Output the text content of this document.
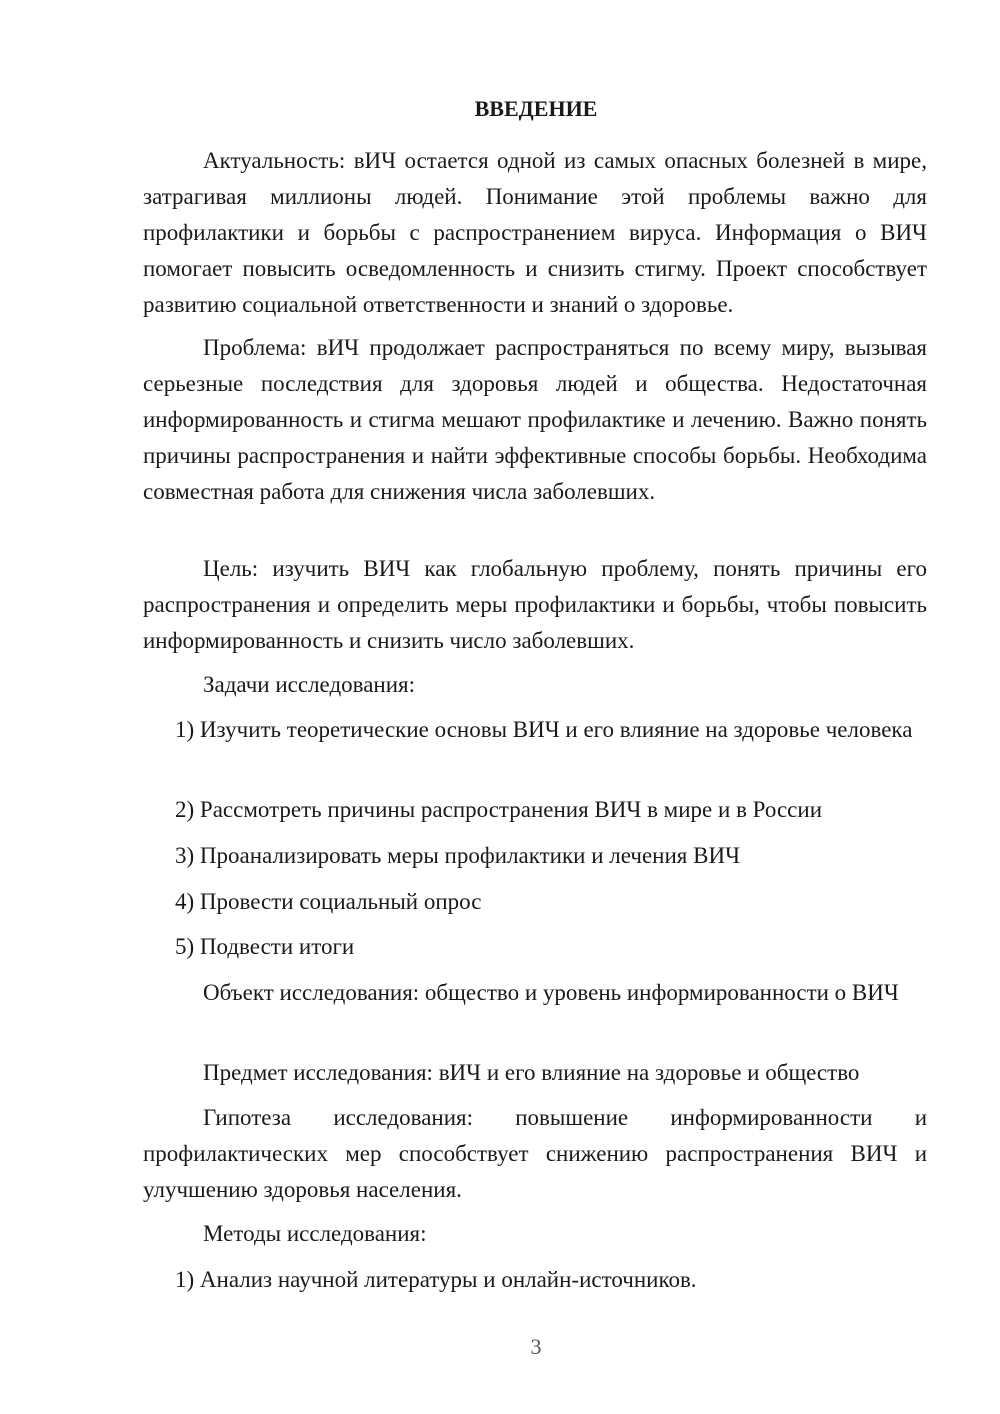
ВВЕДЕНИЕ

Актуальность: вИЧ остается одной из самых опасных болезней в мире, затрагивая миллионы людей. Понимание этой проблемы важно для профилактики и борьбы с распространением вируса. Информация о ВИЧ помогает повысить осведомленность и снизить стигму. Проект способствует развитию социальной ответственности и знаний о здоровье.

Проблема: вИЧ продолжает распространяться по всему миру, вызывая серьезные последствия для здоровья людей и общества. Недостаточная информированность и стигма мешают профилактике и лечению. Важно понять причины распространения и найти эффективные способы борьбы. Необходима совместная работа для снижения числа заболевших.

Цель: изучить ВИЧ как глобальную проблему, понять причины его распространения и определить меры профилактики и борьбы, чтобы повысить информированность и снизить число заболевших.

Задачи исследования:

1) Изучить теоретические основы ВИЧ и его влияние на здоровье человека

2) Рассмотреть причины распространения ВИЧ в мире и в России

3) Проанализировать меры профилактики и лечения ВИЧ

4) Провести социальный опрос

5) Подвести итоги

Объект исследования: общество и уровень информированности о ВИЧ

Предмет исследования: вИЧ и его влияние на здоровье и общество

Гипотеза исследования: повышение информированности и профилактических мер способствует снижению распространения ВИЧ и улучшению здоровья населения.

Методы исследования:

1) Анализ научной литературы и онлайн-источников.

3
